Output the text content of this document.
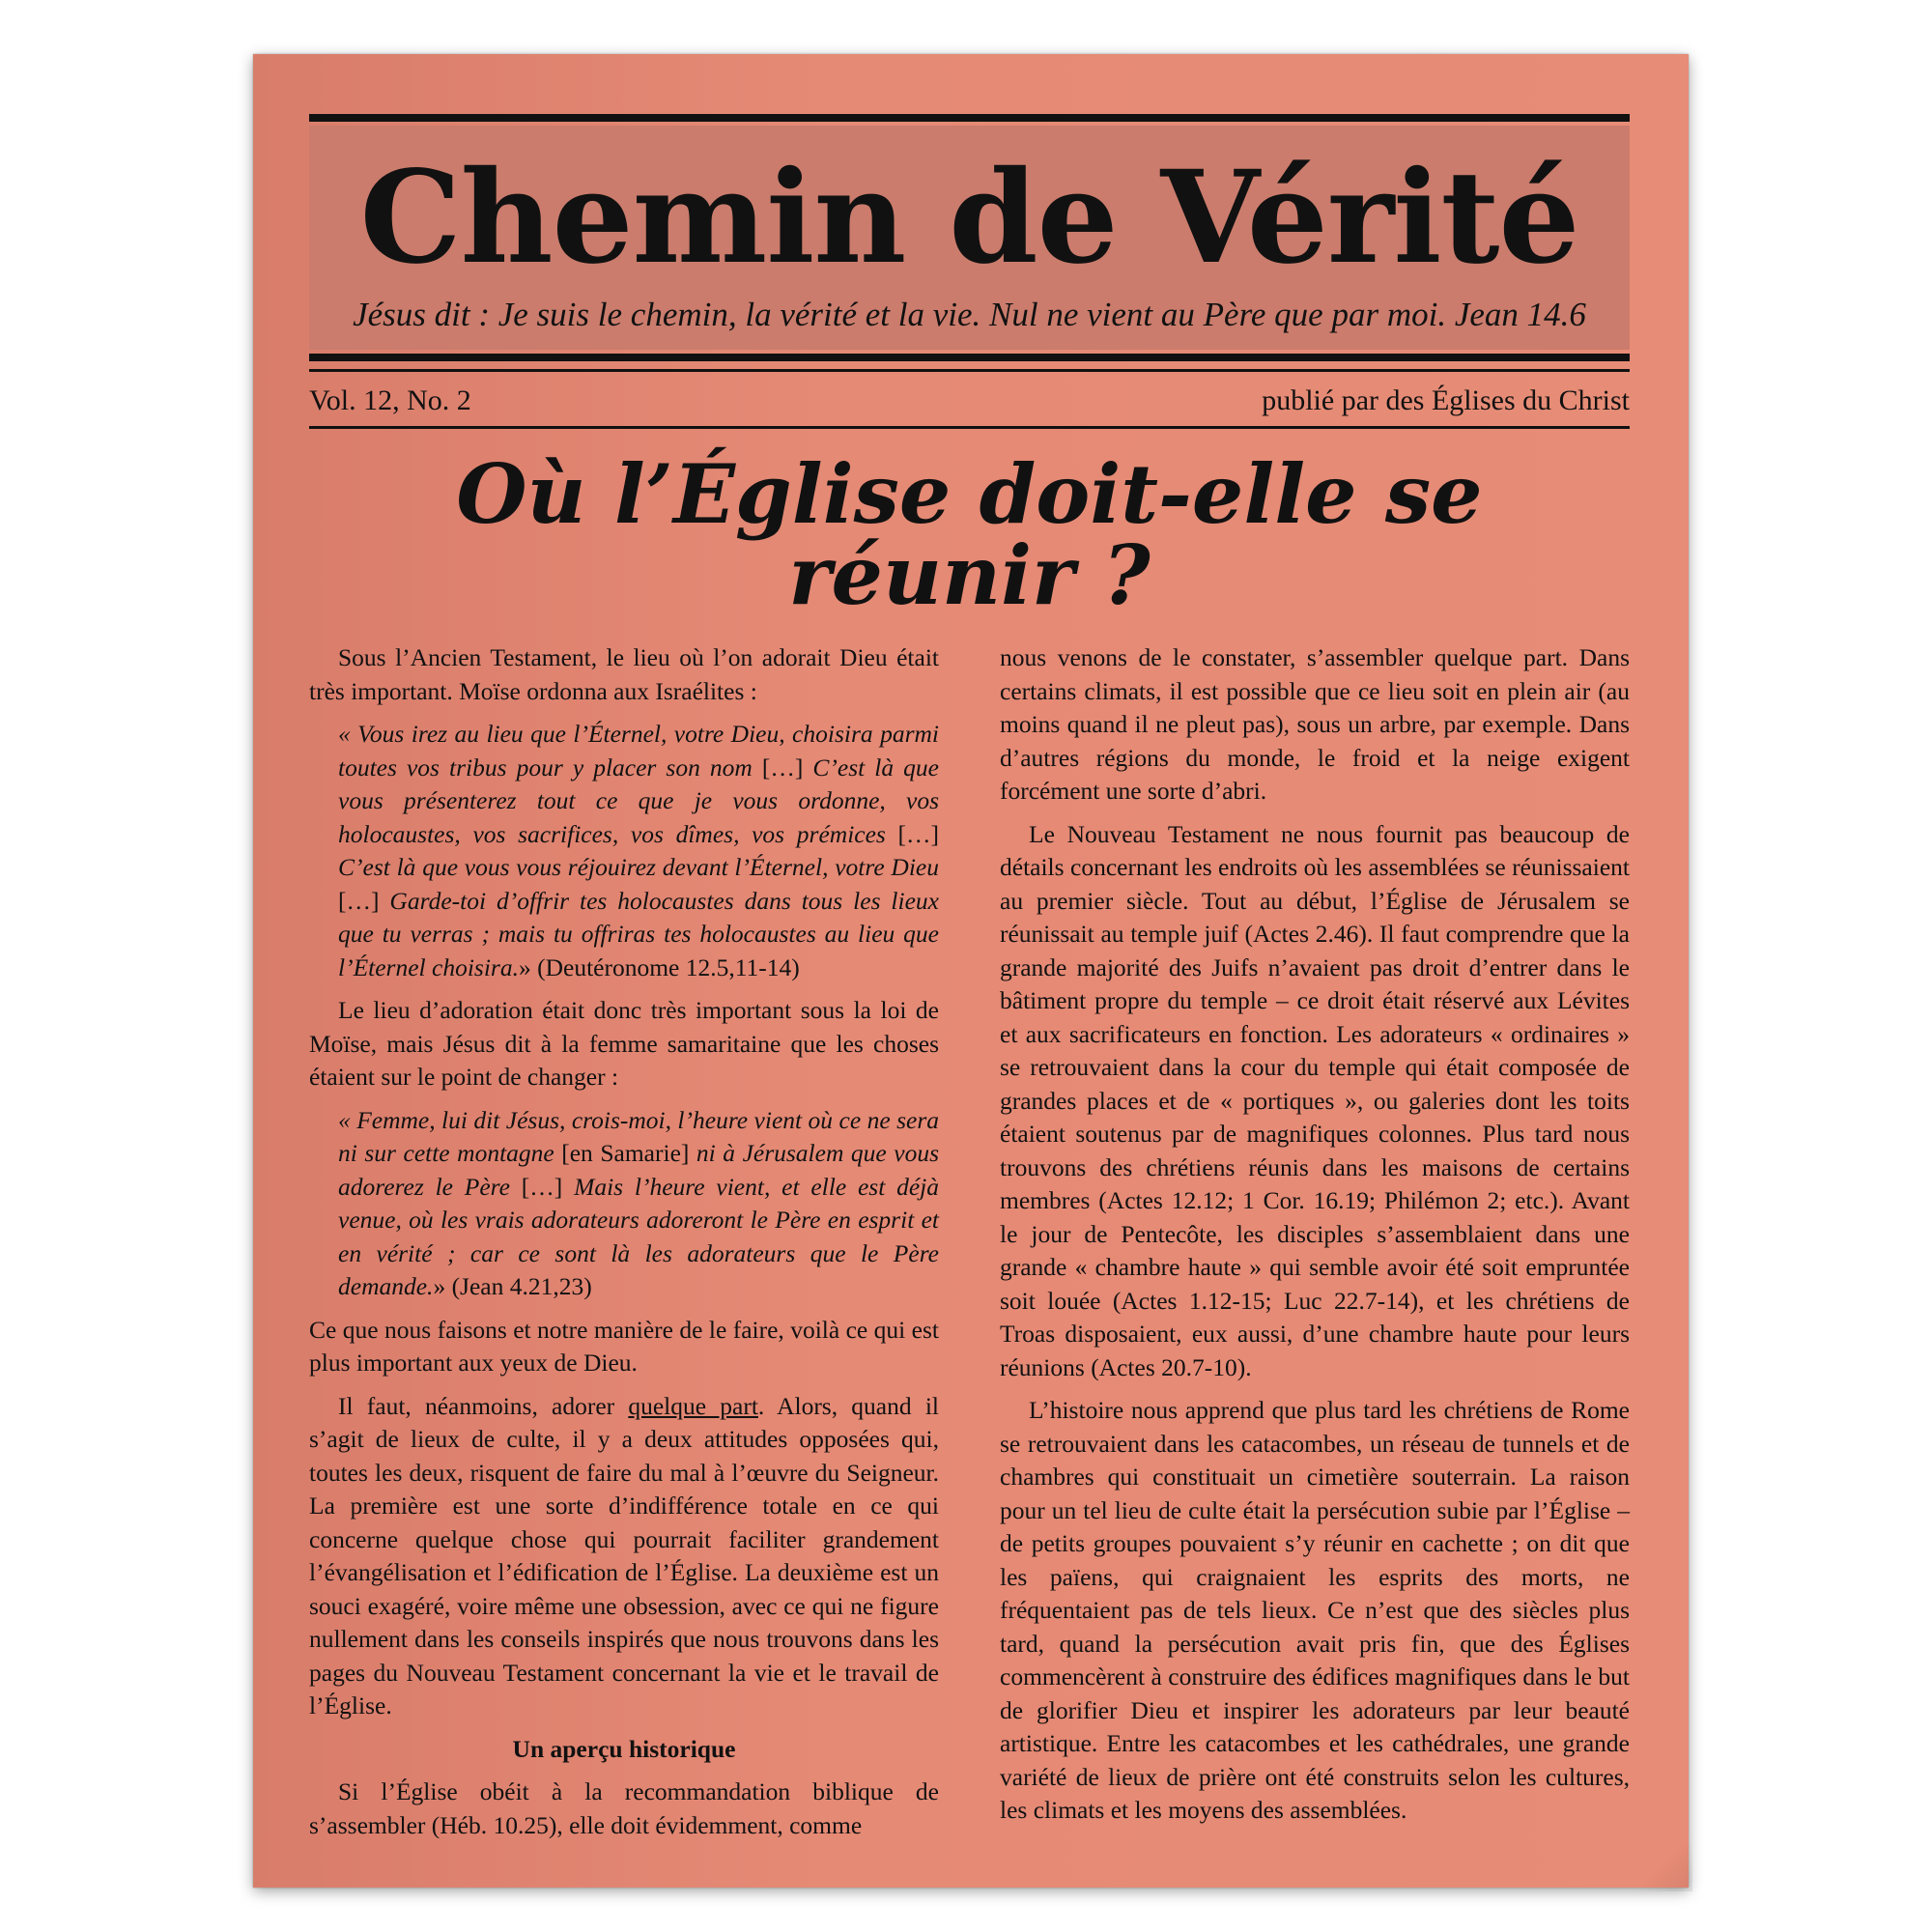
Chemin de Vérité
Jésus dit : Je suis le chemin, la vérité et la vie. Nul ne vient au Père que par moi. Jean 14.6
Vol. 12, No. 2	publié par des Églises du Christ
Où l’Église doit-elle se réunir ?

Sous l’Ancien Testament, le lieu où l’on adorait Dieu était très important. Moïse ordonna aux Israélites :

« Vous irez au lieu que l’Éternel, votre Dieu, choisira parmi toutes vos tribus pour y placer son nom […] C’est là que vous présenterez tout ce que je vous ordonne, vos holocaustes, vos sacrifices, vos dîmes, vos prémices […] C’est là que vous vous réjouirez devant l’Éternel, votre Dieu […] Garde-toi d’offrir tes holocaustes dans tous les lieux que tu verras ; mais tu offriras tes holocaustes au lieu que l’Éternel choisira.» (Deutéronome 12.5,11-14)

Le lieu d’adoration était donc très important sous la loi de Moïse, mais Jésus dit à la femme samaritaine que les choses étaient sur le point de changer :

« Femme, lui dit Jésus, crois-moi, l’heure vient où ce ne sera ni sur cette montagne [en Samarie] ni à Jérusalem que vous adorerez le Père […] Mais l’heure vient, et elle est déjà venue, où les vrais adorateurs adoreront le Père en esprit et en vérité ; car ce sont là les adorateurs que le Père demande.» (Jean 4.21,23)

Ce que nous faisons et notre manière de le faire, voilà ce qui est plus important aux yeux de Dieu.

Il faut, néanmoins, adorer quelque part. Alors, quand il s’agit de lieux de culte, il y a deux attitudes opposées qui, toutes les deux, risquent de faire du mal à l’œuvre du Seigneur. La première est une sorte d’indifférence totale en ce qui concerne quelque chose qui pourrait faciliter grandement l’évangélisation et l’édification de l’Église. La deuxième est un souci exagéré, voire même une obsession, avec ce qui ne figure nullement dans les conseils inspirés que nous trouvons dans les pages du Nouveau Testament concernant la vie et le travail de l’Église.

Un aperçu historique

Si l’Église obéit à la recommandation biblique de s’assembler (Héb. 10.25), elle doit évidemment, comme

nous venons de le constater, s’assembler quelque part. Dans certains climats, il est possible que ce lieu soit en plein air (au moins quand il ne pleut pas), sous un arbre, par exemple. Dans d’autres régions du monde, le froid et la neige exigent forcément une sorte d’abri.

Le Nouveau Testament ne nous fournit pas beaucoup de détails concernant les endroits où les assemblées se réunissaient au premier siècle. Tout au début, l’Église de Jérusalem se réunissait au temple juif (Actes 2.46). Il faut comprendre que la grande majorité des Juifs n’avaient pas droit d’entrer dans le bâtiment propre du temple – ce droit était réservé aux Lévites et aux sacrificateurs en fonction. Les adorateurs « ordinaires » se retrouvaient dans la cour du temple qui était composée de grandes places et de « portiques », ou galeries dont les toits étaient soutenus par de magnifiques colonnes. Plus tard nous trouvons des chrétiens réunis dans les maisons de certains membres (Actes 12.12; 1 Cor. 16.19; Philémon 2; etc.). Avant le jour de Pentecôte, les disciples s’assemblaient dans une grande « chambre haute » qui semble avoir été soit empruntée soit louée (Actes 1.12-15; Luc 22.7-14), et les chrétiens de Troas disposaient, eux aussi, d’une chambre haute pour leurs réunions (Actes 20.7-10).

L’histoire nous apprend que plus tard les chrétiens de Rome se retrouvaient dans les catacombes, un réseau de tunnels et de chambres qui constituait un cimetière souterrain. La raison pour un tel lieu de culte était la persécution subie par l’Église – de petits groupes pouvaient s’y réunir en cachette ; on dit que les païens, qui craignaient les esprits des morts, ne fréquentaient pas de tels lieux. Ce n’est que des siècles plus tard, quand la persécution avait pris fin, que des Églises commencèrent à construire des édifices magnifiques dans le but de glorifier Dieu et inspirer les adorateurs par leur beauté artistique. Entre les catacombes et les cathédrales, une grande variété de lieux de prière ont été construits selon les cultures, les climats et les moyens des assemblées.
